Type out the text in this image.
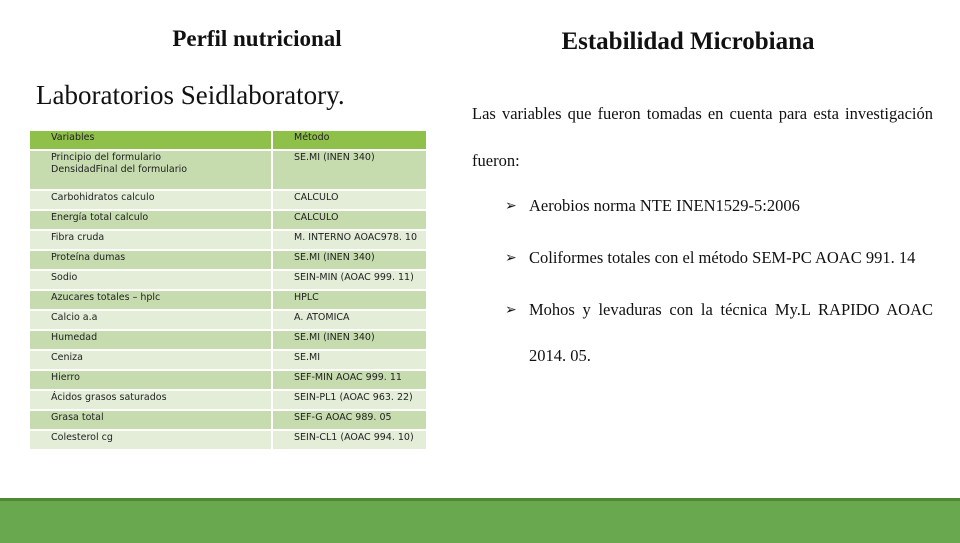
Perfil nutricional	Estabilidad Microbiana
Laboratorios Seidlaboratory.
Variables	Método

Principio del formulario
DensidadFinal del formulario	SE.MI (INEN 340)

Carbohidratos calculo	CALCULO

Energía total calculo	CALCULO

Fibra cruda	M. INTERNO AOAC978. 10

Proteína dumas	SE.MI (INEN 340)

Sodio	SEIN-MIN (AOAC 999. 11)

Azucares totales – hplc	HPLC

Calcio a.a	A. ATOMICA

Humedad	SE.MI (INEN 340)

Ceniza	SE.MI

Hierro	SEF-MIN AOAC 999. 11

Ácidos grasos saturados	SEIN-PL1 (AOAC 963. 22)

Grasa total	SEF-G AOAC 989. 05

Colesterol cg	SEIN-CL1 (AOAC 994. 10)
Las variables que fueron tomadas en cuenta para esta investigación fueron:
➢ Aerobios norma NTE INEN1529-5:2006
➢ Coliformes totales con el método SEM-PC AOAC 991. 14
➢ Mohos y levaduras con la técnica My.L RAPIDO AOAC 2014. 05.
